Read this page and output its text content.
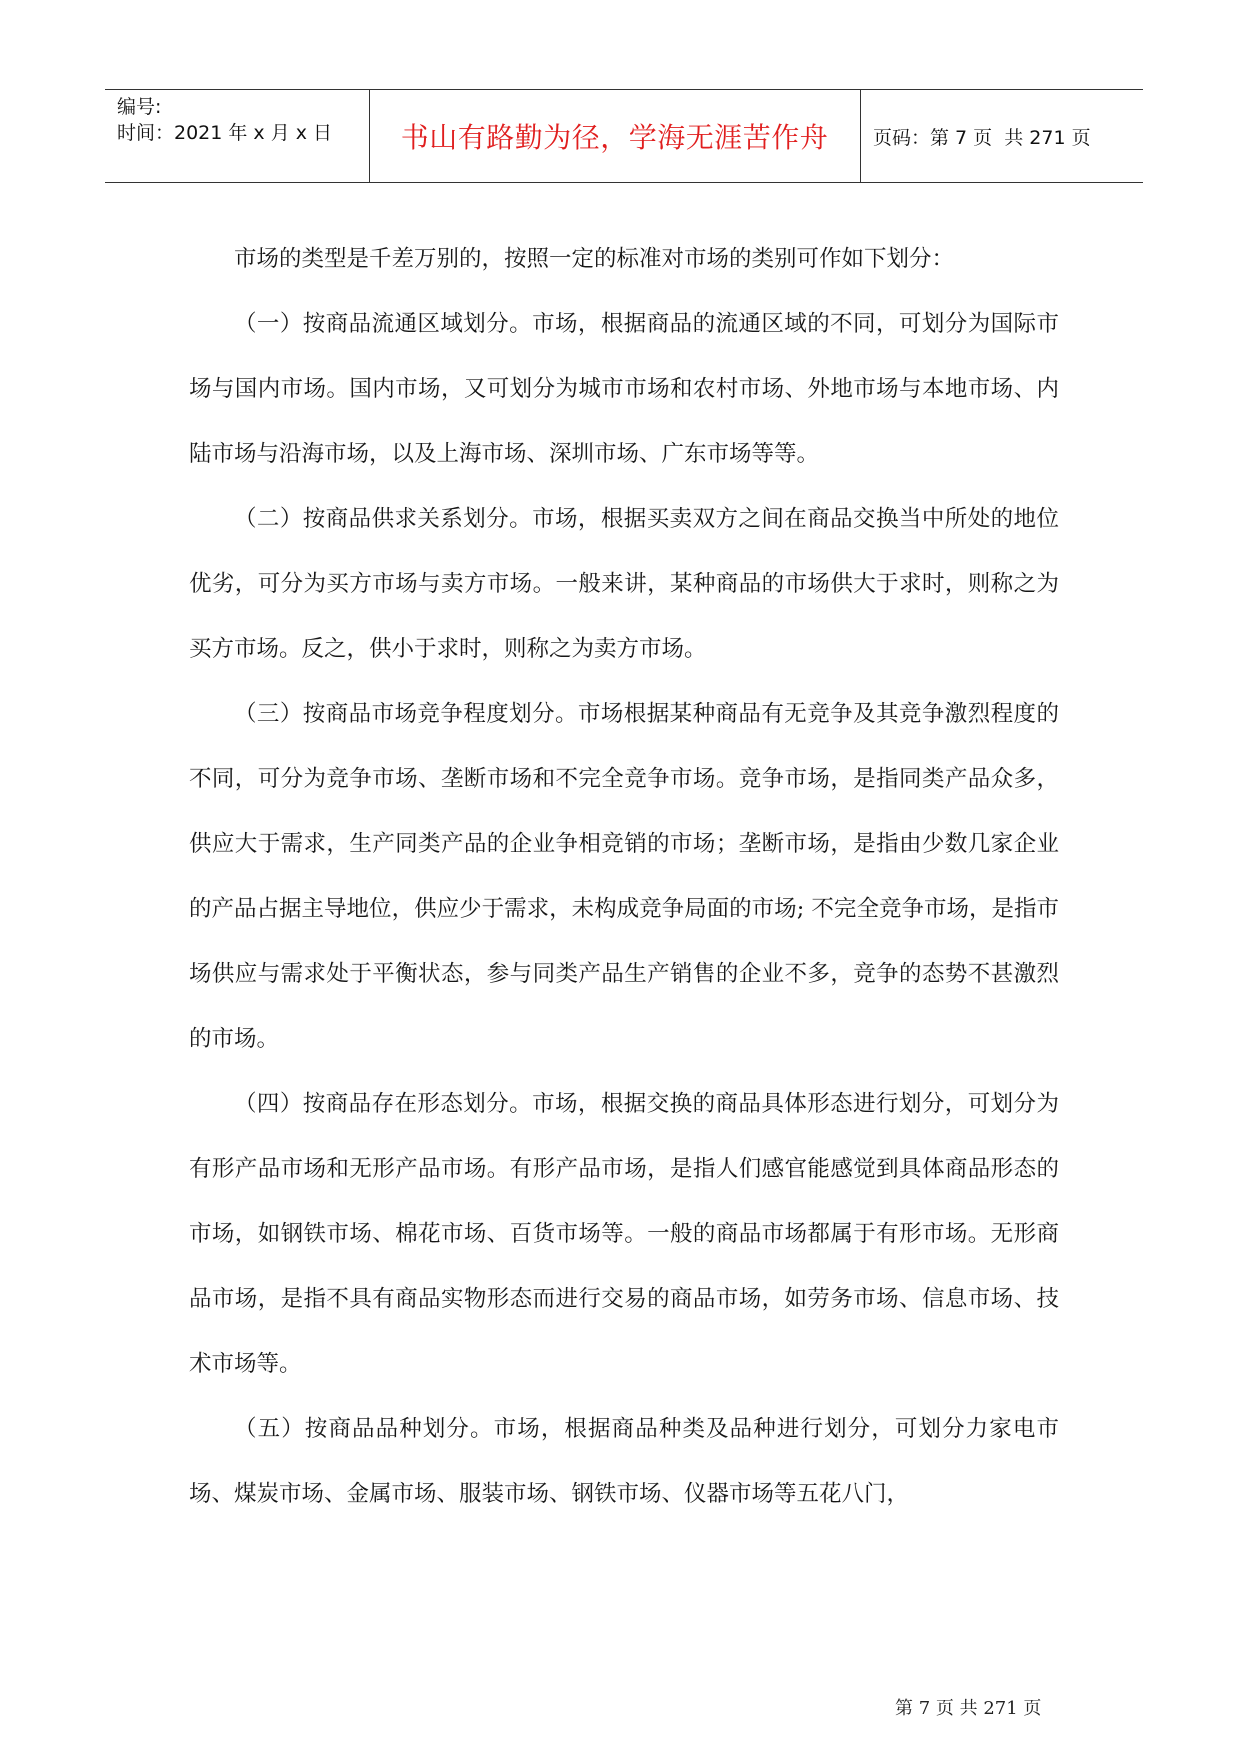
编号:
时间：2021 年 x 月 x 日	书山有路勤为径，学海无涯苦作舟	页码：第 7 页  共 271 页

市场的类型是千差万别的，按照一定的标准对市场的类别可作如下划分：

（一）按商品流通区域划分。市场，根据商品的流通区域的不同，可划分为国际市场与国内市场。国内市场，又可划分为城市市场和农村市场、外地市场与本地市场、内陆市场与沿海市场，以及上海市场、深圳市场、广东市场等等。

（二）按商品供求关系划分。市场，根据买卖双方之间在商品交换当中所处的地位优劣，可分为买方市场与卖方市场。一般来讲，某种商品的市场供大于求时，则称之为买方市场。反之，供小于求时，则称之为卖方市场。

（三）按商品市场竞争程度划分。市场根据某种商品有无竞争及其竞争激烈程度的不同，可分为竞争市场、垄断市场和不完全竞争市场。竞争市场，是指同类产品众多，供应大于需求，生产同类产品的企业争相竞销的市场；垄断市场，是指由少数几家企业的产品占据主导地位，供应少于需求，未构成竞争局面的市场; 不完全竞争市场，是指市场供应与需求处于平衡状态，参与同类产品生产销售的企业不多，竞争的态势不甚激烈的市场。

（四）按商品存在形态划分。市场，根据交换的商品具体形态进行划分，可划分为有形产品市场和无形产品市场。有形产品市场，是指人们感官能感觉到具体商品形态的市场，如钢铁市场、棉花市场、百货市场等。一般的商品市场都属于有形市场。无形商品市场，是指不具有商品实物形态而进行交易的商品市场，如劳务市场、信息市场、技术市场等。

（五）按商品品种划分。市场，根据商品种类及品种进行划分，可划分力家电市场、煤炭市场、金属市场、服装市场、钢铁市场、仪器市场等五花八门，

第 7 页 共 271 页
